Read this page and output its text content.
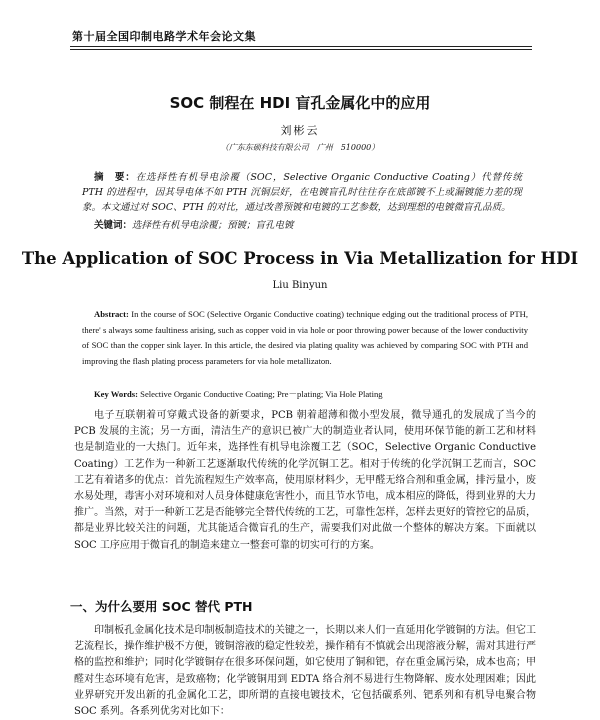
第十届全国印制电路学术年会论文集
SOC 制程在 HDI 盲孔金属化中的应用
刘彬云
（广东东硕科技有限公司　广州　510000）
摘　要：在选择性有机导电涂覆（SOC，Selective Organic Conductive Coating）代替传统 PTH 的进程中，因其导电体不如 PTH 沉铜层好，在电镀盲孔时往往存在底部镀不上或漏镀能力差的现象。本文通过对 SOC、PTH 的对比，通过改善预镀和电镀的工艺参数，达到理想的电镀微盲孔品质。
关键词：选择性有机导电涂覆；預镀；盲孔电镀
The Application of SOC Process in Via Metallization for HDI
Liu Binyun
Abstract: In the course of SOC (Selective Organic Conductive coating) technique edging out the traditional process of PTH, there' s always some faultiness arising, such as copper void in via hole or poor throwing power because of the lower conductivity of SOC than the copper sink layer. In this article, the desired via plating quality was achieved by comparing SOC with PTH and improving the flash plating process parameters for via hole metallizaton.
Key Words: Selective Organic Conductive Coating; Pre－plating; Via Hole Plating
电子互联朝着可穿戴式设备的新要求，PCB 朝着超薄和微小型发展，微导通孔的发展成了当今的 PCB 发展的主流；另一方面，清洁生产的意识已被广大的制造业者认同，使用环保节能的新工艺和材料也是制造业的一大热门。近年来，选择性有机导电涂覆工艺（SOC，Selective Organic Conductive Coating）工艺作为一种新工艺逐渐取代传统的化学沉铜工艺。相对于传统的化学沉铜工艺而言，SOC 工艺有着诸多的优点：首先流程短生产效率高，使用原材料少，无甲醛无络合剂和重金属，排污量小，废水易处理，毒害小对环境和对人员身体健康危害性小，而且节水节电，成本相应的降低，得到业界的大力推广。当然，对于一种新工艺是否能够完全替代传统的工艺，可靠性怎样，怎样去更好的管控它的品质，都是业界比较关注的问题，尤其能适合微盲孔的生产，需要我们对此做一个整体的解决方案。下面就以 SOC 工序应用于微盲孔的制造来建立一整套可靠的切实可行的方案。
一、为什么要用 SOC 替代 PTH
印制板孔金属化技术是印制板制造技术的关键之一，长期以来人们一直延用化学镀铜的方法。但它工艺流程长，操作维护极不方便，镀铜溶液的稳定性较差，操作稍有不慎就会出现溶液分解，需对其进行严格的监控和维护；同时化学镀铜存在很多环保问题，如它使用了铜和钯，存在重金属污染，成本也高；甲醛对生态环境有危害，是致癌物；化学镀铜用到 EDTA 络合剂不易进行生物降解、废水处理困难；因此业界研究开发出新的孔金属化工艺，即所谓的直接电镀技术，它包括碳系列、钯系列和有机导电聚合物 SOC 系列。各系列优劣对比如下：
